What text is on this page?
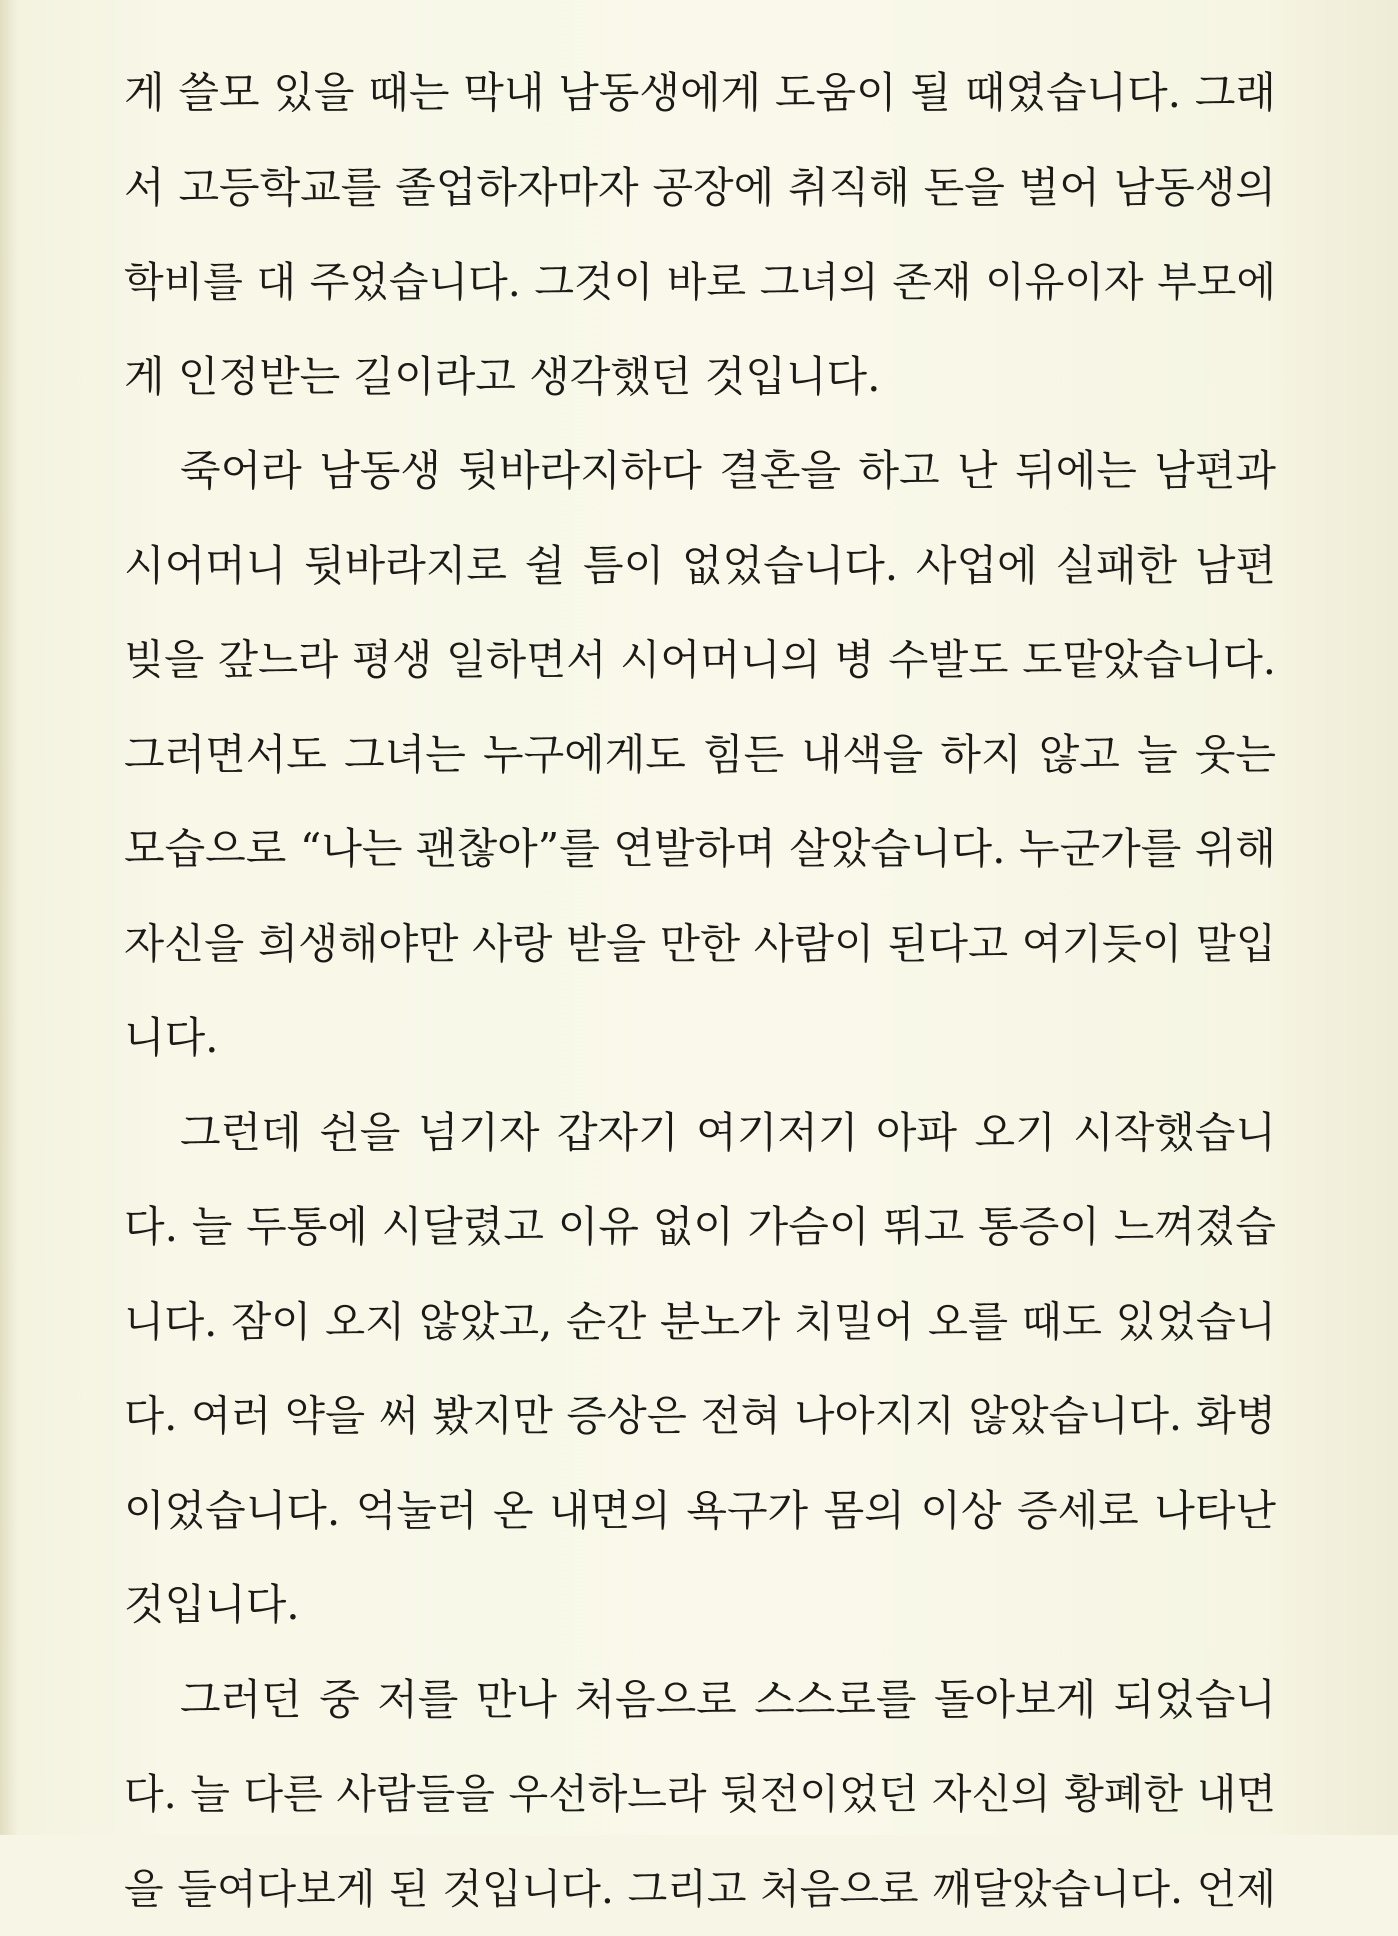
게 쓸모 있을 때는 막내 남동생에게 도움이 될 때였습니다. 그래
서 고등학교를 졸업하자마자 공장에 취직해 돈을 벌어 남동생의
학비를 대 주었습니다. 그것이 바로 그녀의 존재 이유이자 부모에
게 인정받는 길이라고 생각했던 것입니다.
죽어라 남동생 뒷바라지하다 결혼을 하고 난 뒤에는 남편과
시어머니 뒷바라지로 쉴 틈이 없었습니다. 사업에 실패한 남편
빚을 갚느라 평생 일하면서 시어머니의 병 수발도 도맡았습니다.
그러면서도 그녀는 누구에게도 힘든 내색을 하지 않고 늘 웃는
모습으로 “나는 괜찮아”를 연발하며 살았습니다. 누군가를 위해
자신을 희생해야만 사랑 받을 만한 사람이 된다고 여기듯이 말입
니다.
그런데 쉰을 넘기자 갑자기 여기저기 아파 오기 시작했습니
다. 늘 두통에 시달렸고 이유 없이 가슴이 뛰고 통증이 느껴졌습
니다. 잠이 오지 않았고, 순간 분노가 치밀어 오를 때도 있었습니
다. 여러 약을 써 봤지만 증상은 전혀 나아지지 않았습니다. 화병
이었습니다. 억눌러 온 내면의 욕구가 몸의 이상 증세로 나타난
것입니다.
그러던 중 저를 만나 처음으로 스스로를 돌아보게 되었습니
다. 늘 다른 사람들을 우선하느라 뒷전이었던 자신의 황폐한 내면
을 들여다보게 된 것입니다. 그리고 처음으로 깨달았습니다. 언제
